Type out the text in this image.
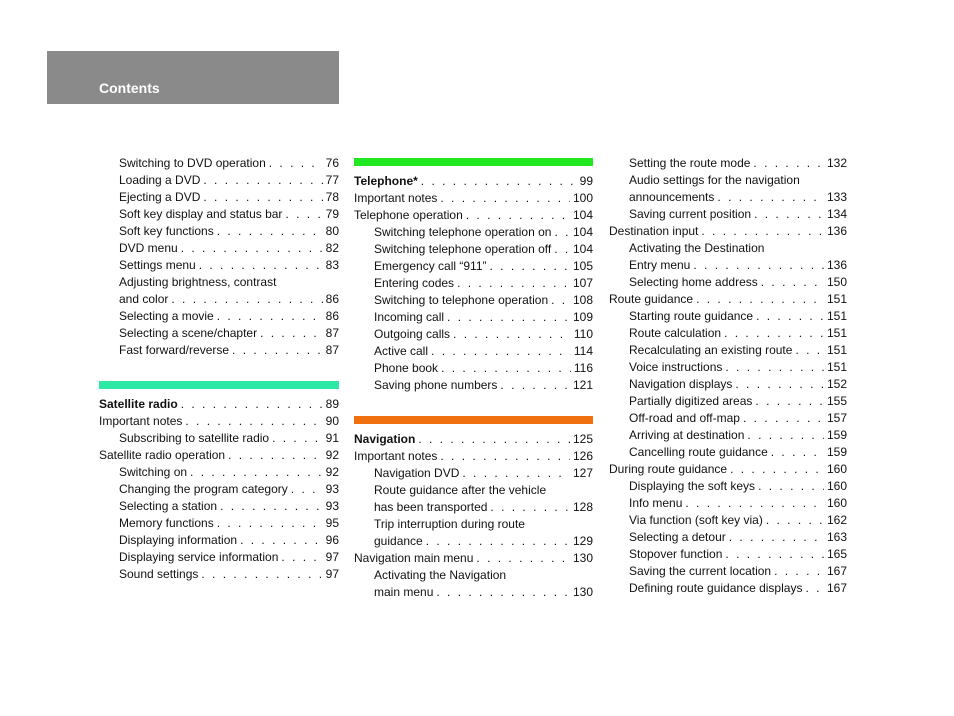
Contents
Switching to DVD operation . . .	76
Loading a DVD . . .	77
Ejecting a DVD . . .	78
Soft key display and status bar . . .	79
Soft key functions . . .	80
DVD menu . . .	82
Settings menu . . .	83
Adjusting brightness, contrast
and color . . .	86
Selecting a movie . . .	86
Selecting a scene/chapter . . .	87
Fast forward/reverse . . .	87
Satellite radio . . .	89
Important notes . . .	90
Subscribing to satellite radio . . .	91
Satellite radio operation . . .	92
Switching on . . .	92
Changing the program category . . .	93
Selecting a station . . .	93
Memory functions . . .	95
Displaying information . . .	96
Displaying service information . . .	97
Sound settings . . .	97
Telephone* . . .	99
Important notes . . .	100
Telephone operation . . .	104
Switching telephone operation on . . . 104
Switching telephone operation off . . . 104
Emergency call “911” . . .	105
Entering codes . . .	107
Switching to telephone operation . . . 108
Incoming call . . .	109
Outgoing calls . . .	110
Active call . . .	114
Phone book . . .	116
Saving phone numbers . . .	121
Navigation . . .	125
Important notes . . .	126
Navigation DVD . . .	127
Route guidance after the vehicle
has been transported . . .	128
Trip interruption during route
guidance . . .	129
Navigation main menu . . .	130
Activating the Navigation
main menu . . .	130
Setting the route mode . . .	132
Audio settings for the navigation
announcements . . .	133
Saving current position . . .	134
Destination input . . .	136
Activating the Destination
Entry menu . . .	136
Selecting home address . . .	150
Route guidance . . .	151
Starting route guidance . . .	151
Route calculation . . .	151
Recalculating an existing route . . .	151
Voice instructions . . .	151
Navigation displays . . .	152
Partially digitized areas . . .	155
Off-road and off-map . . .	157
Arriving at destination . . .	159
Cancelling route guidance . . .	159
During route guidance . . .	160
Displaying the soft keys . . .	160
Info menu . . .	160
Via function (soft key via) . . .	162
Selecting a detour . . .	163
Stopover function . . .	165
Saving the current location . . .	167
Defining route guidance displays . . . 167
